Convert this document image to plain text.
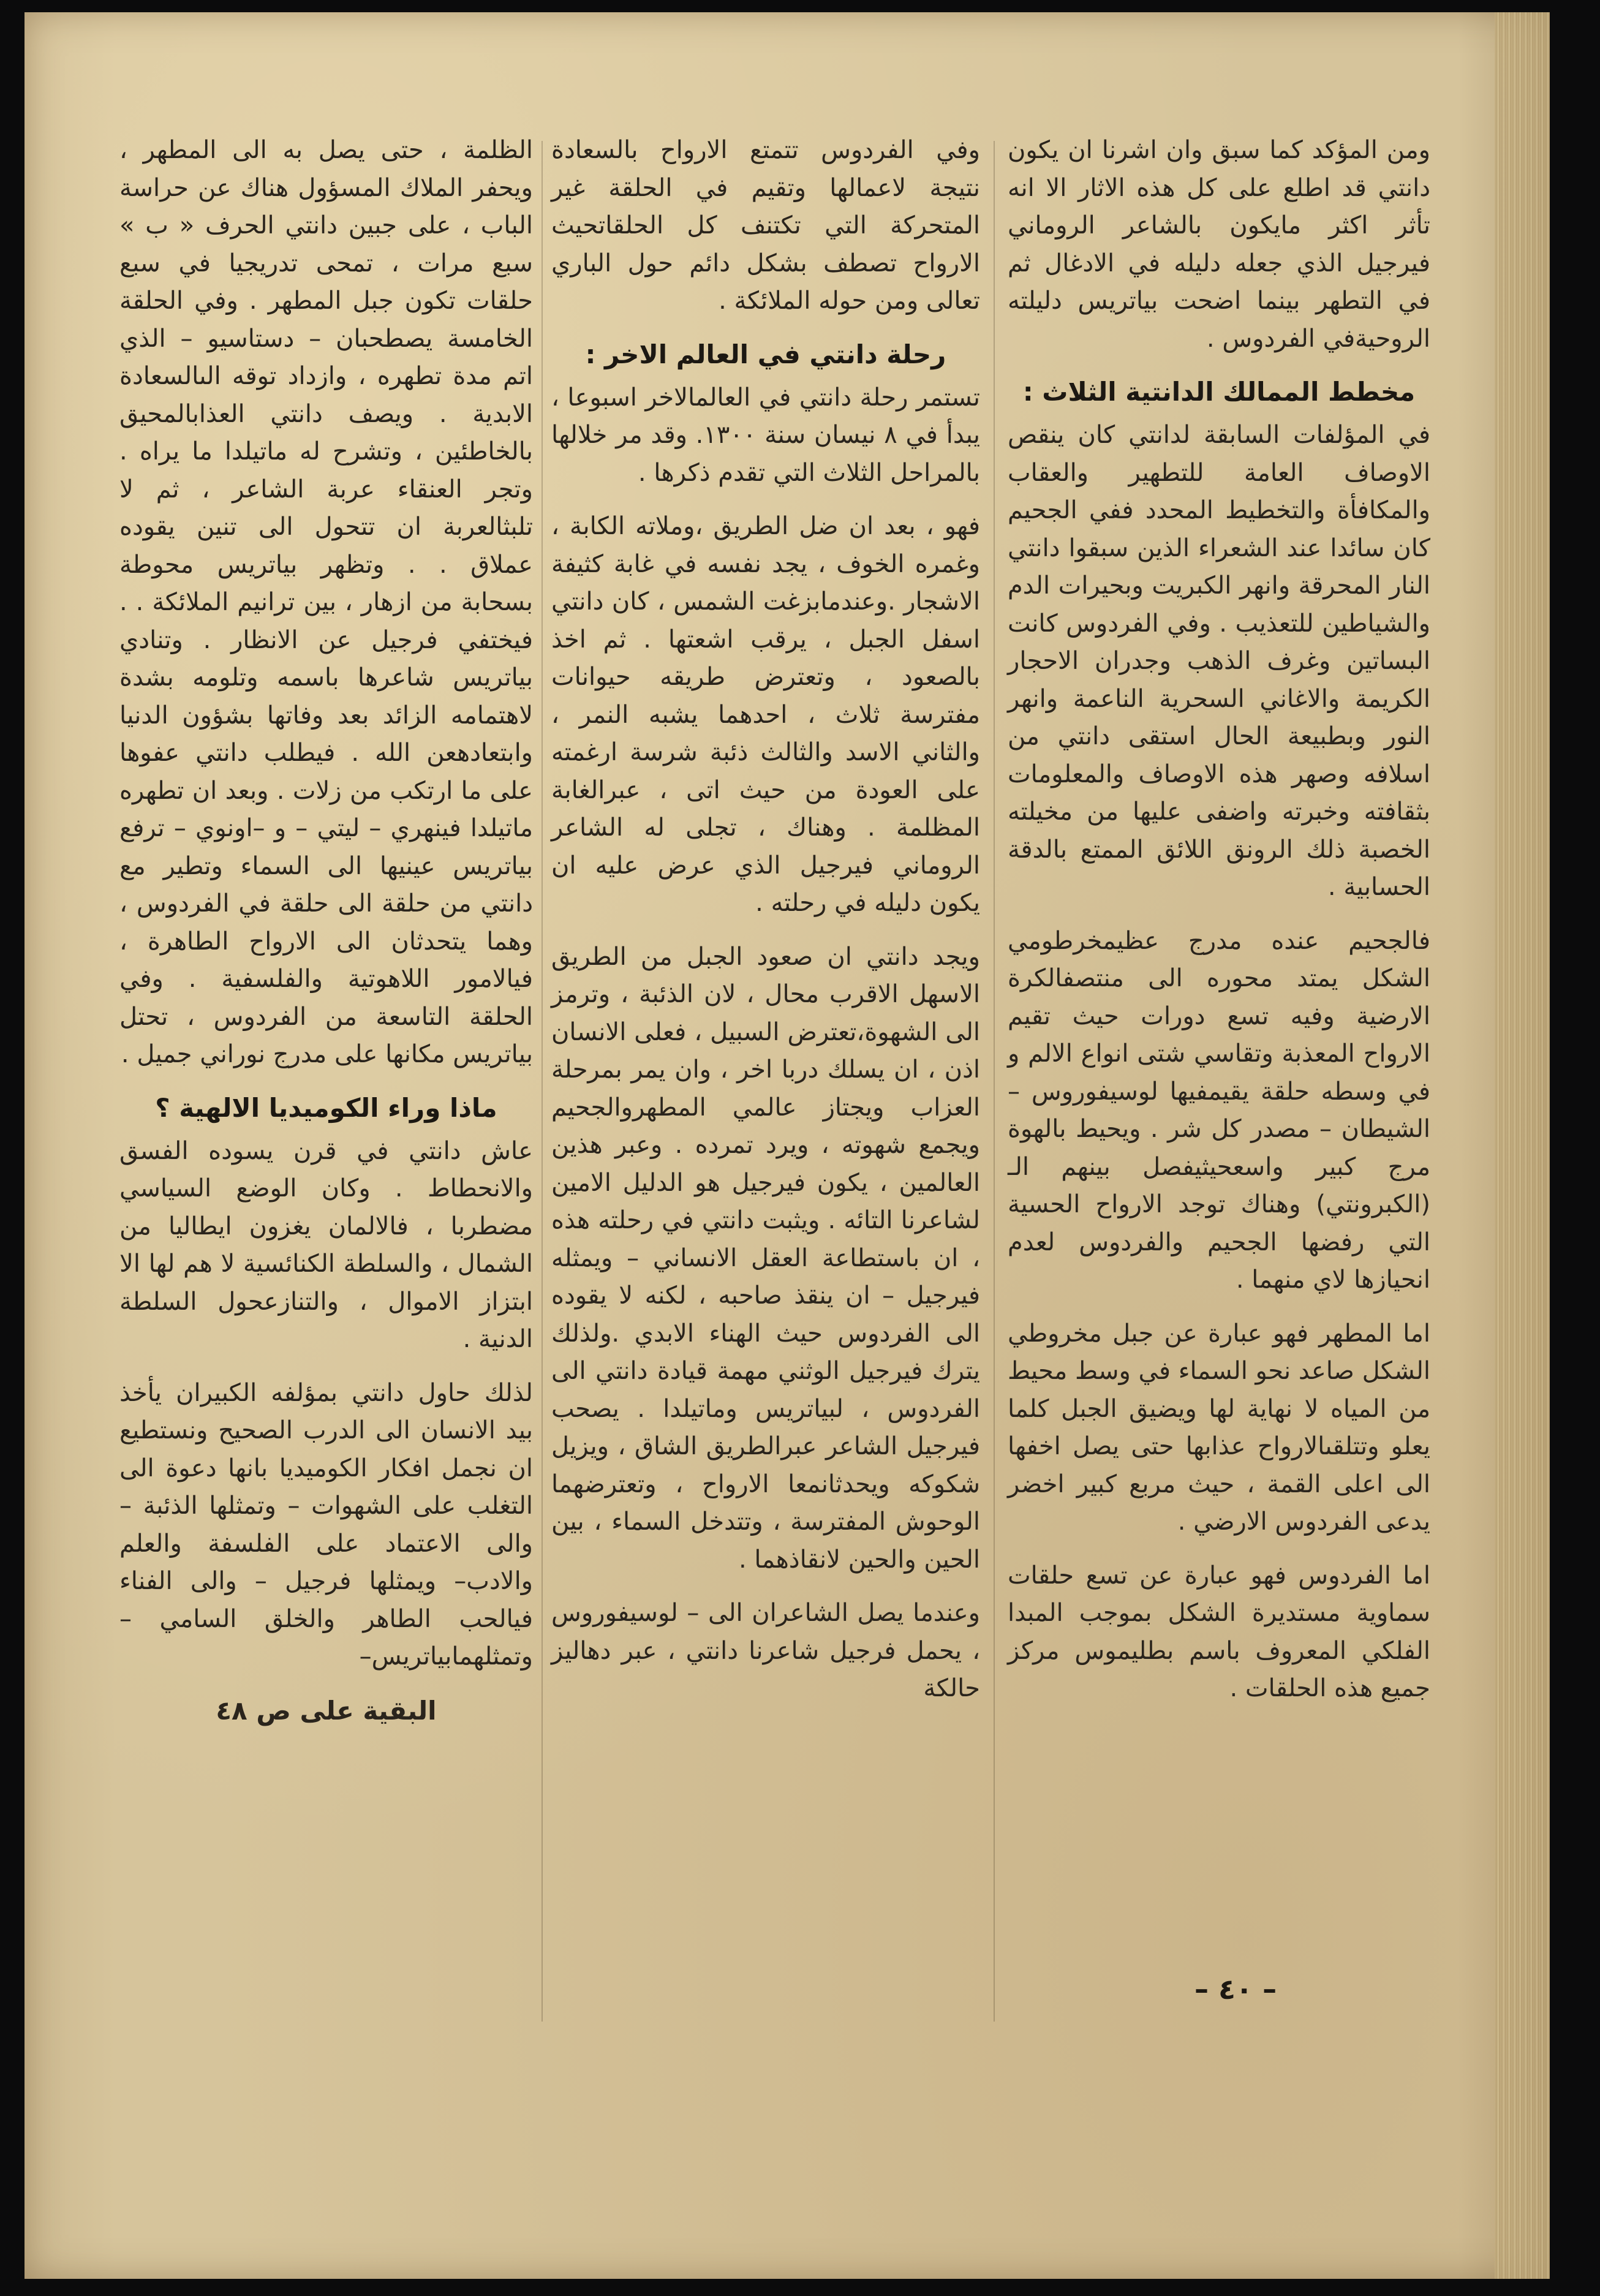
ومن المؤكد كما سبق وان اشرنا ان يكون دانتي قد اطلع على كل هذه الاثار الا انه تأثر اكثر مايكون بالشاعر الروماني فيرجيل الذي جعله دليله في الادغال ثم في التطهر بينما اضحت بياتريس دليلته الروحيةفي الفردوس .

مخطط الممالك الدانتية الثلاث :

في المؤلفات السابقة لدانتي كان ينقص الاوصاف العامة للتطهير والعقاب والمكافأة والتخطيط المحدد ففي الجحيم كان سائدا عند الشعراء الذين سبقوا دانتي النار المحرقة وانهر الكبريت وبحيرات الدم والشياطين للتعذيب . وفي الفردوس كانت البساتين وغرف الذهب وجدران الاحجار الكريمة والاغاني السحرية الناعمة وانهر النور وبطبيعة الحال استقى دانتي من اسلافه وصهر هذه الاوصاف والمعلومات بثقافته وخبرته واضفى عليها من مخيلته الخصبة ذلك الرونق اللائق الممتع بالدقة الحسابية .

فالجحيم عنده مدرج عظيمخرطومي الشكل يمتد محوره الى منتصفالكرة الارضية وفيه تسع دورات حيث تقيم الارواح المعذبة وتقاسي شتى انواع الالم و في وسطه حلقة يقيمفيها لوسيفوروس – الشيطان – مصدر كل شر . ويحيط بالهوة مرج كبير واسعحيثيفصل بينهم الـ (الكبرونتي) وهناك توجد الارواح الحسية التي رفضها الجحيم والفردوس لعدم انحيازها لاي منهما .

اما المطهر فهو عبارة عن جبل مخروطي الشكل صاعد نحو السماء في وسط محيط من المياه لا نهاية لها ويضيق الجبل كلما يعلو وتتلقىالارواح عذابها حتى يصل اخفها الى اعلى القمة ، حيث مربع كبير اخضر يدعى الفردوس الارضي .

اما الفردوس فهو عبارة عن تسع حلقات سماوية مستديرة الشكل بموجب المبدا الفلكي المعروف باسم بطليموس مركز جميع هذه الحلقات .

وفي الفردوس تتمتع الارواح بالسعادة نتيجة لاعمالها وتقيم في الحلقة غير المتحركة التي تكتنف كل الحلقاتحيث الارواح تصطف بشكل دائم حول الباري تعالى ومن حوله الملائكة .

رحلة دانتي في العالم الاخر :

تستمر رحلة دانتي في العالمالاخر اسبوعا ، يبدأ في ٨ نيسان سنة ١٣٠٠. وقد مر خلالها بالمراحل الثلاث التي تقدم ذكرها .

فهو ، بعد ان ضل الطريق ،وملاته الكابة ، وغمره الخوف ، يجد نفسه في غابة كثيفة الاشجار .وعندمابزغت الشمس ، كان دانتي اسفل الجبل ، يرقب اشعتها . ثم اخذ بالصعود ، وتعترض طريقه حيوانات مفترسة ثلاث ، احدهما يشبه النمر ، والثاني الاسد والثالث ذئبة شرسة ارغمته على العودة من حيث اتى ، عبرالغابة المظلمة . وهناك ، تجلى له الشاعر الروماني فيرجيل الذي عرض عليه ان يكون دليله في رحلته .

ويجد دانتي ان صعود الجبل من الطريق الاسهل الاقرب محال ، لان الذئبة ، وترمز الى الشهوة،تعترض السبيل ، فعلى الانسان اذن ، ان يسلك دربا اخر ، وان يمر بمرحلة العزاب ويجتاز عالمي المطهروالجحيم ويجمع شهوته ، ويرد تمرده . وعبر هذين العالمين ، يكون فيرجيل هو الدليل الامين لشاعرنا التائه . ويثبت دانتي في رحلته هذه ، ان باستطاعة العقل الانساني – ويمثله فيرجيل – ان ينقذ صاحبه ، لكنه لا يقوده الى الفردوس حيث الهناء الابدي .ولذلك يترك فيرجيل الوثني مهمة قيادة دانتي الى الفردوس ، لبياتريس وماتيلدا . يصحب فيرجيل الشاعر عبرالطريق الشاق ، ويزيل شكوكه ويحدثانمعا الارواح ، وتعترضهما الوحوش المفترسة ، وتتدخل السماء ، بين الحين والحين لانقاذهما .

وعندما يصل الشاعران الى – لوسيفوروس ، يحمل فرجيل شاعرنا دانتي ، عبر دهاليز حالكة

الظلمة ، حتى يصل به الى المطهر ، ويحفر الملاك المسؤول هناك عن حراسة الباب ، على جبين دانتي الحرف « ب » سبع مرات ، تمحى تدريجيا في سبع حلقات تكون جبل المطهر . وفي الحلقة الخامسة يصطحبان – دستاسيو – الذي اتم مدة تطهره ، وازداد توقه الىالسعادة الابدية . ويصف دانتي العذابالمحيق بالخاطئين ، وتشرح له ماتيلدا ما يراه . وتجر العنقاء عربة الشاعر ، ثم لا تلبثالعربة ان تتحول الى تنين يقوده عملاق . . وتظهر بياتريس محوطة بسحابة من ازهار ، بين ترانيم الملائكة . . فيختفي فرجيل عن الانظار . وتنادي بياتريس شاعرها باسمه وتلومه بشدة لاهتمامه الزائد بعد وفاتها بشؤون الدنيا وابتعادهعن الله . فيطلب دانتي عفوها على ما ارتكب من زلات . وبعد ان تطهره ماتيلدا فينهري – ليتي – و –اونوي – ترفع بياتريس عينيها الى السماء وتطير مع دانتي من حلقة الى حلقة في الفردوس ، وهما يتحدثان الى الارواح الطاهرة ، فيالامور اللاهوتية والفلسفية . وفي الحلقة التاسعة من الفردوس ، تحتل بياتريس مكانها على مدرج نوراني جميل .

ماذا وراء الكوميديا الالهية ؟

عاش دانتي في قرن يسوده الفسق والانحطاط . وكان الوضع السياسي مضطربا ، فالالمان يغزون ايطاليا من الشمال ، والسلطة الكنائسية لا هم لها الا ابتزاز الاموال ، والتنازعحول السلطة الدنية .

لذلك حاول دانتي بمؤلفه الكبيران يأخذ بيد الانسان الى الدرب الصحيح ونستطيع ان نجمل افكار الكوميديا بانها دعوة الى التغلب على الشهوات – وتمثلها الذئبة – والى الاعتماد على الفلسفة والعلم والادب– ويمثلها فرجيل – والى الفناء فيالحب الطاهر والخلق السامي – وتمثلهمابياتريس–

البقية على ص ٤٨
– ٤٠ –
